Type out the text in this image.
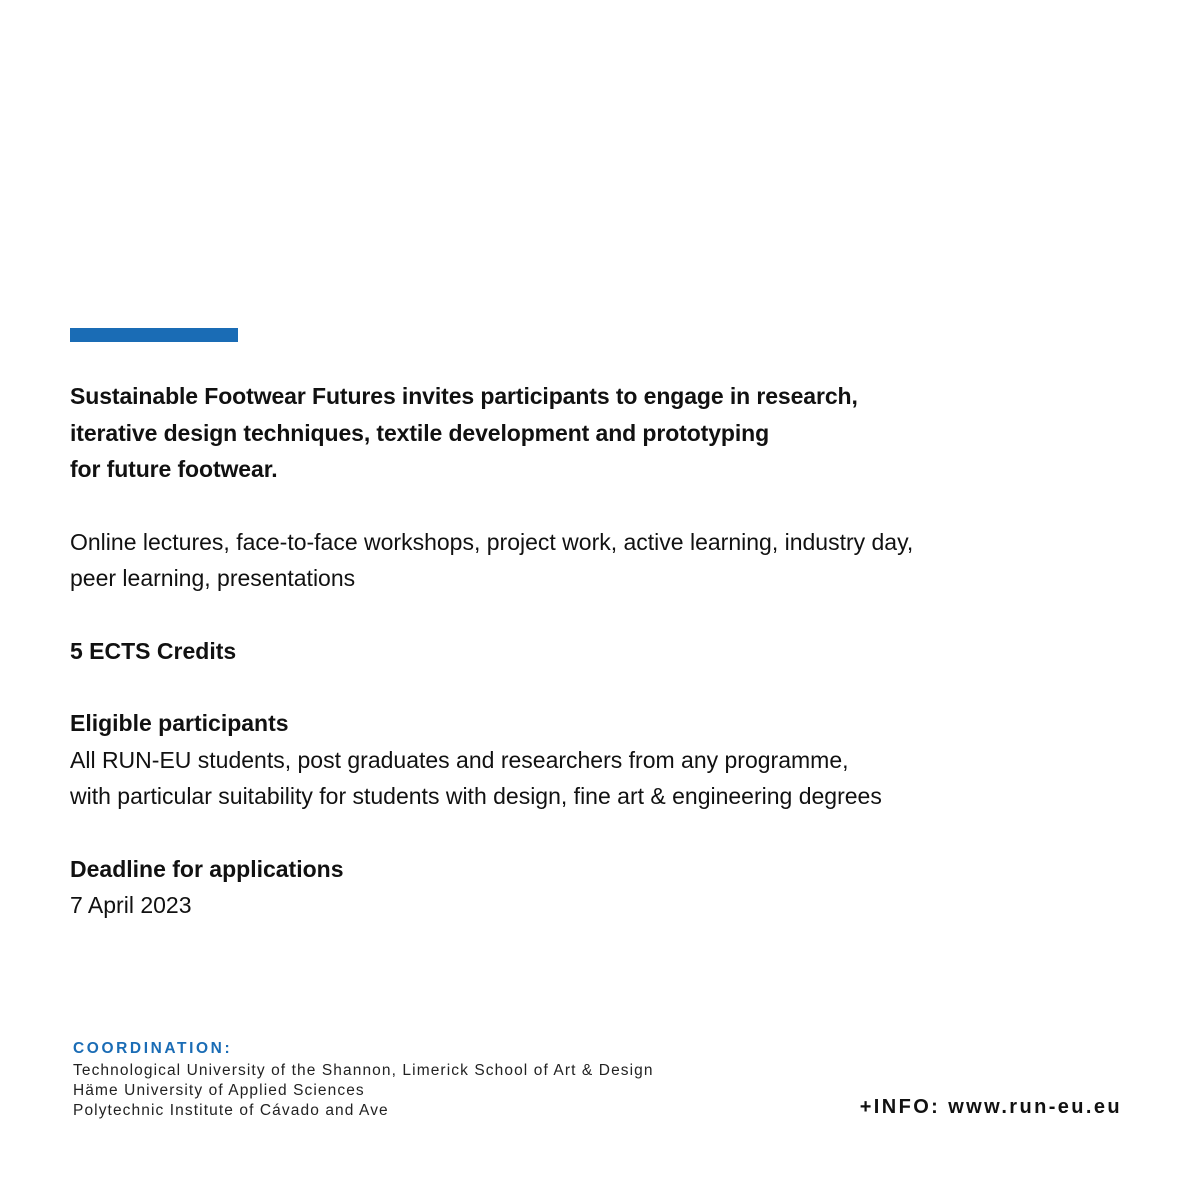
Sustainable Footwear Futures invites participants to engage in research,
iterative design techniques, textile development and prototyping
for future footwear.

Online lectures, face-to-face workshops, project work, active learning, industry day,
peer learning, presentations

5 ECTS Credits

Eligible participants
All RUN-EU students, post graduates and researchers from any programme,
with particular suitability for students with design, fine art & engineering degrees

Deadline for applications
7 April 2023

COORDINATION:

Technological University of the Shannon, Limerick School of Art & Design
Häme University of Applied Sciences
Polytechnic Institute of Cávado and Ave	+INFO: www.run-eu.eu
